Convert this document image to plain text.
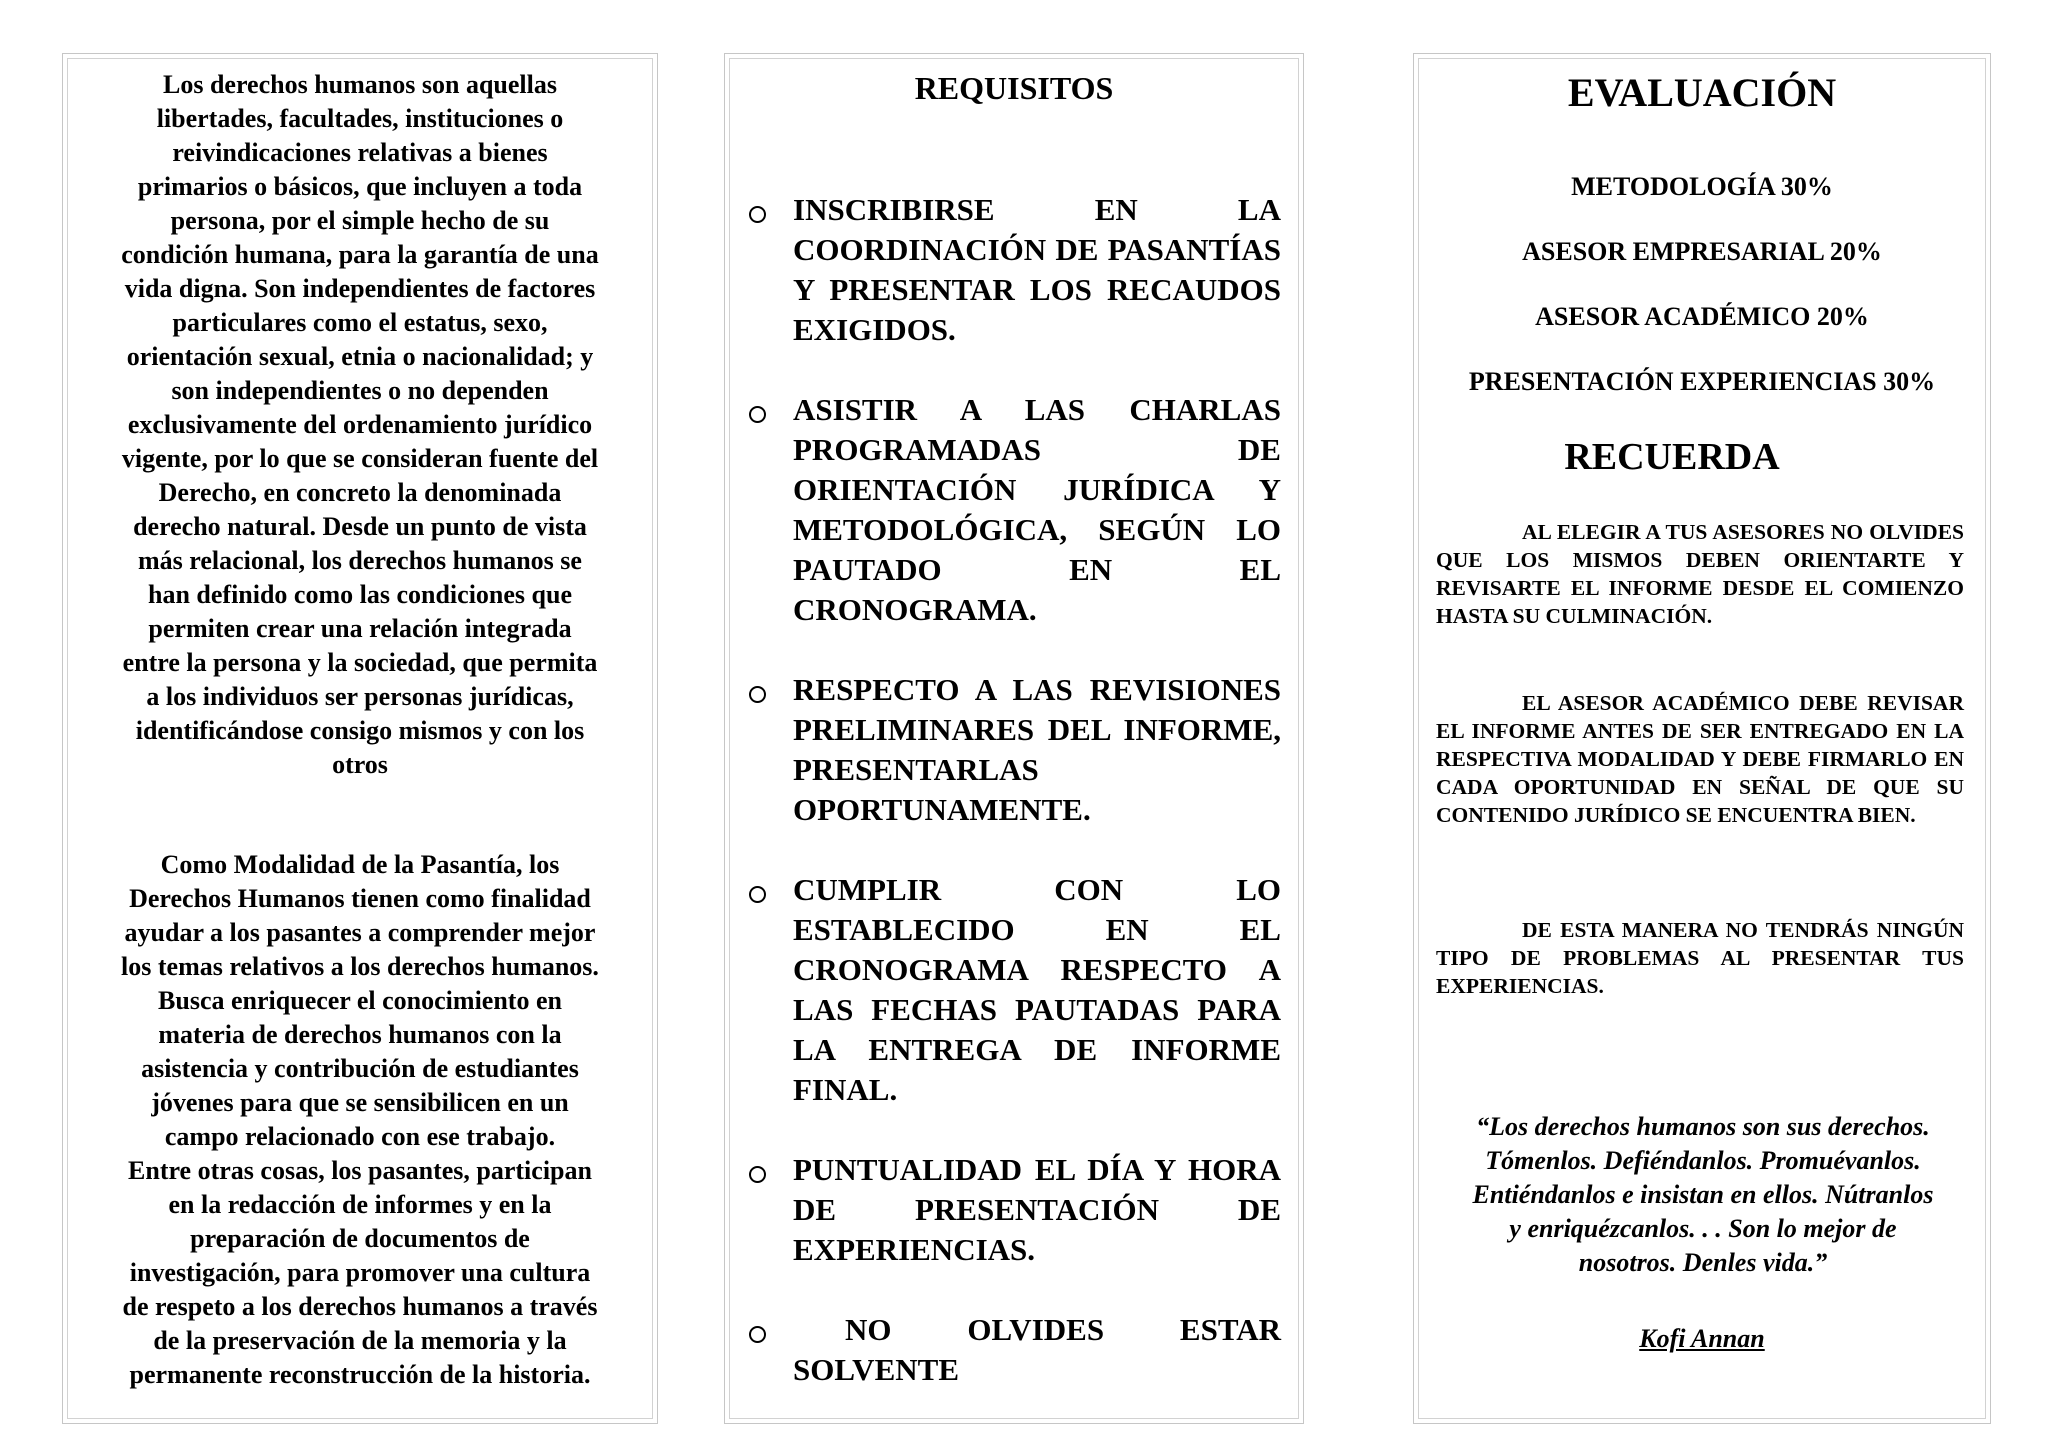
Los derechos humanos son aquellas
libertades, facultades, instituciones o
reivindicaciones relativas a bienes
primarios o básicos, que incluyen a toda
persona, por el simple hecho de su
condición humana, para la garantía de una
vida digna. Son independientes de factores
particulares como el estatus, sexo,
orientación sexual, etnia o nacionalidad; y
son independientes o no dependen
exclusivamente del ordenamiento jurídico
vigente, por lo que se consideran fuente del
Derecho, en concreto la denominada
derecho natural. Desde un punto de vista
más relacional, los derechos humanos se
han definido como las condiciones que
permiten crear una relación integrada
entre la persona y la sociedad, que permita
a los individuos ser personas jurídicas,
identificándose consigo mismos y con los
otros

Como Modalidad de la Pasantía, los
Derechos Humanos tienen como finalidad
ayudar a los pasantes a comprender mejor
los temas relativos a los derechos humanos.
Busca enriquecer el conocimiento en
materia de derechos humanos con la
asistencia y contribución de estudiantes
jóvenes para que se sensibilicen en un
campo relacionado con ese trabajo.
Entre otras cosas, los pasantes, participan
en la redacción de informes y en la
preparación de documentos de
investigación, para promover una cultura
de respeto a los derechos humanos a través
de la preservación de la memoria y la
permanente reconstrucción de la historia.

REQUISITOS
INSCRIBIRSE EN LA COORDINACIÓN DE PASANTÍAS Y PRESENTAR LOS RECAUDOS EXIGIDOS.
ASISTIR A LAS CHARLAS PROGRAMADAS DE ORIENTACIÓN JURÍDICA Y METODOLÓGICA, SEGÚN LO PAUTADO EN EL CRONOGRAMA.
RESPECTO A LAS REVISIONES PRELIMINARES DEL INFORME, PRESENTARLAS OPORTUNAMENTE.
CUMPLIR CON LO ESTABLECIDO EN EL CRONOGRAMA RESPECTO A LAS FECHAS PAUTADAS PARA LA ENTREGA DE INFORME FINAL.
PUNTUALIDAD EL DÍA Y HORA DE PRESENTACIÓN DE EXPERIENCIAS.
NO OLVIDES ESTAR SOLVENTE
EVALUACIÓN

METODOLOGÍA 30%

ASESOR EMPRESARIAL 20%

ASESOR ACADÉMICO 20%

PRESENTACIÓN EXPERIENCIAS 30%

RECUERDA

AL ELEGIR A TUS ASESORES NO OLVIDES QUE LOS MISMOS DEBEN ORIENTARTE Y REVISARTE EL INFORME DESDE EL COMIENZO HASTA SU CULMINACIÓN.

EL ASESOR ACADÉMICO DEBE REVISAR EL INFORME ANTES DE SER ENTREGADO EN LA RESPECTIVA MODALIDAD Y DEBE FIRMARLO EN CADA OPORTUNIDAD EN SEÑAL DE QUE SU CONTENIDO JURÍDICO SE ENCUENTRA BIEN.

DE ESTA MANERA NO TENDRÁS NINGÚN TIPO DE PROBLEMAS AL PRESENTAR TUS EXPERIENCIAS.

“Los derechos humanos son sus derechos.
Tómenlos. Defiéndanlos. Promuévanlos.
Entiéndanlos e insistan en ellos. Nútranlos
y enriquézcanlos. . . Son lo mejor de
nosotros. Denles vida.”

Kofi Annan
